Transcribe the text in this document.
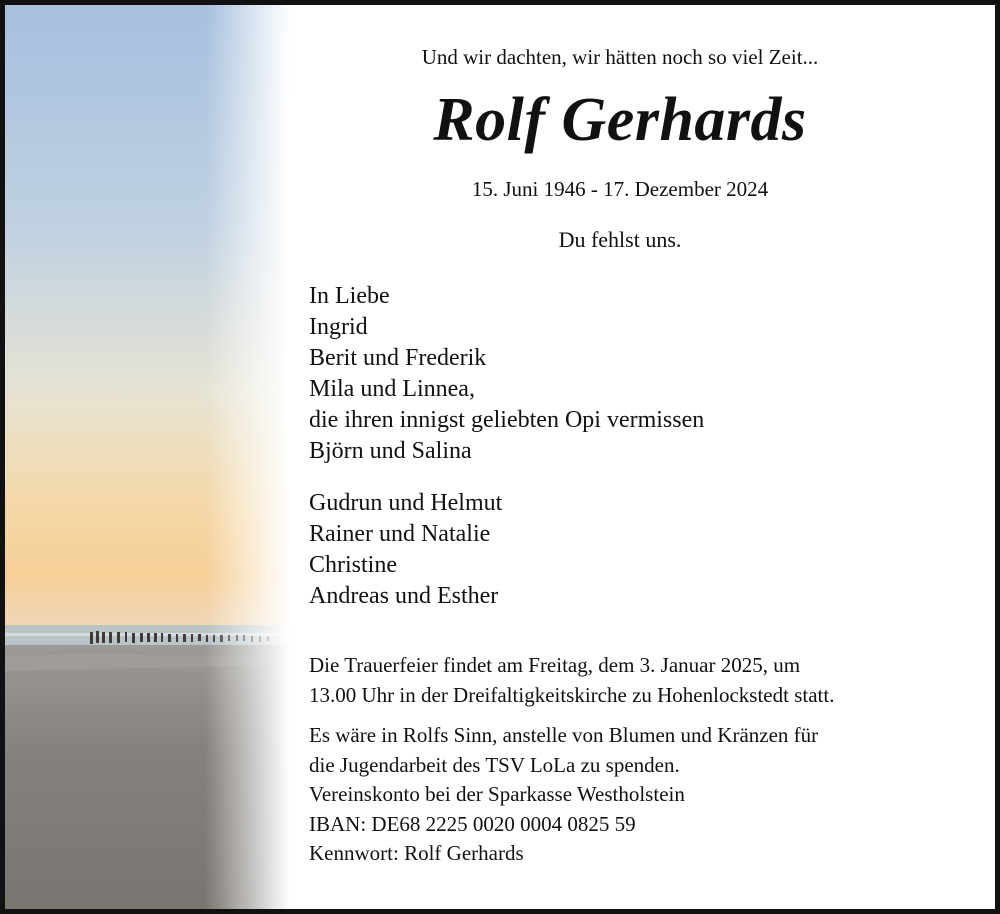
Und wir dachten, wir hätten noch so viel Zeit...
Rolf Gerhards
15. Juni 1946 - 17. Dezember 2024
Du fehlst uns.
In Liebe
Ingrid
Berit und Frederik
Mila und Linnea,
die ihren innigst geliebten Opi vermissen
Björn und Salina
Gudrun und Helmut
Rainer und Natalie
Christine
Andreas und Esther
Die Trauerfeier findet am Freitag, dem 3. Januar 2025, um
13.00 Uhr in der Dreifaltigkeitskirche zu Hohenlockstedt statt.
Es wäre in Rolfs Sinn, anstelle von Blumen und Kränzen für
die Jugendarbeit des TSV LoLa zu spenden.
Vereinskonto bei der Sparkasse Westholstein
IBAN: DE68 2225 0020 0004 0825 59
Kennwort: Rolf Gerhards
